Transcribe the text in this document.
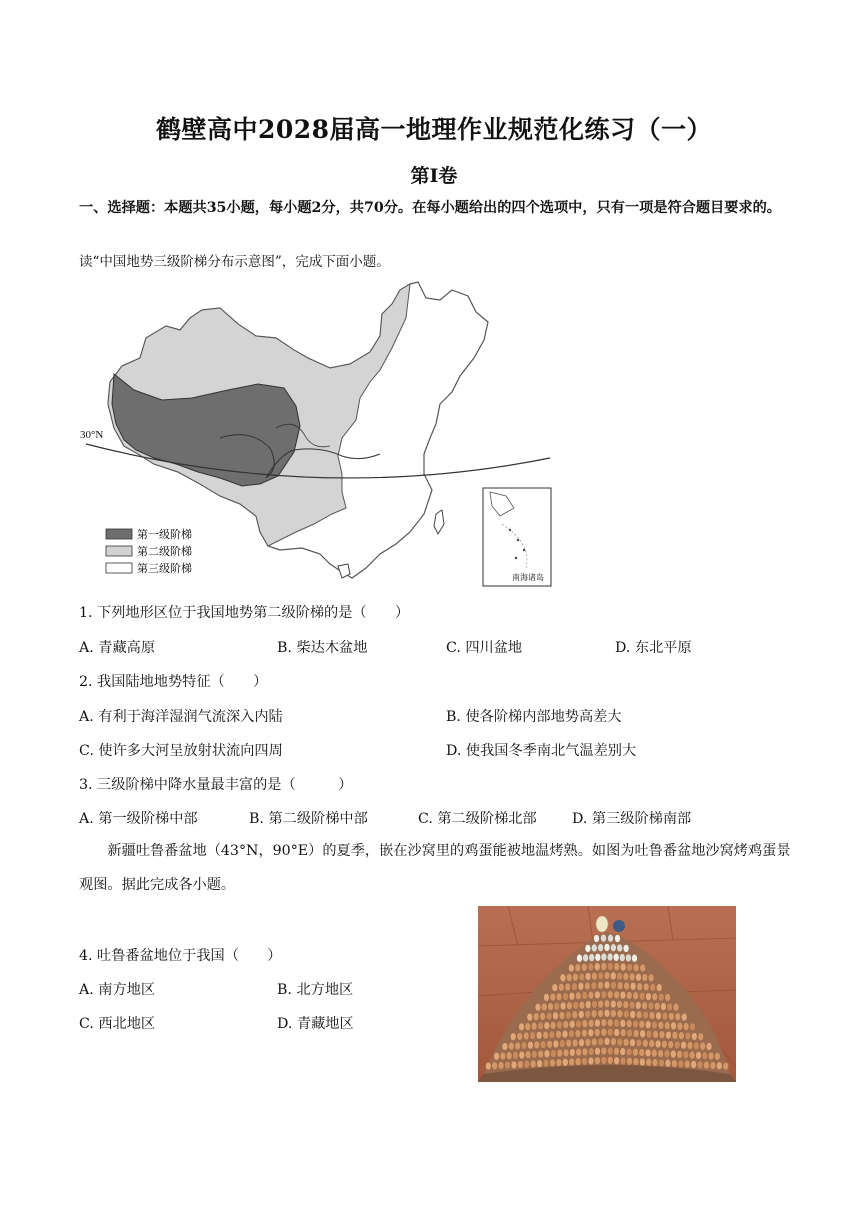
鹤壁高中2028届高一地理作业规范化练习（一）
第Ⅰ卷
一、选择题：本题共35小题，每小题2分，共70分。在每小题给出的四个选项中，只有一项是符合题目要求的。
读“中国地势三级阶梯分布示意图”，完成下面小题。
30°N
南海诸岛
第一级阶梯
第二级阶梯
第三级阶梯
1. 下列地形区位于我国地势第二级阶梯的是（　　）
A. 青藏高原	B. 柴达木盆地	C. 四川盆地	D. 东北平原
2. 我国陆地地势特征（　　）
A. 有利于海洋湿润气流深入内陆	B. 使各阶梯内部地势高差大
C. 使许多大河呈放射状流向四周	D. 使我国冬季南北气温差别大
3. 三级阶梯中降水量最丰富的是（　　　）
A. 第一级阶梯中部	B. 第二级阶梯中部	C. 第二级阶梯北部 D. 第三级阶梯南部
新疆吐鲁番盆地（43°N，90°E）的夏季，嵌在沙窝里的鸡蛋能被地温烤熟。如图为吐鲁番盆地沙窝烤鸡蛋景观图。据此完成各小题。
4. 吐鲁番盆地位于我国（　　）
A. 南方地区	B. 北方地区
C. 西北地区	D. 青藏地区
